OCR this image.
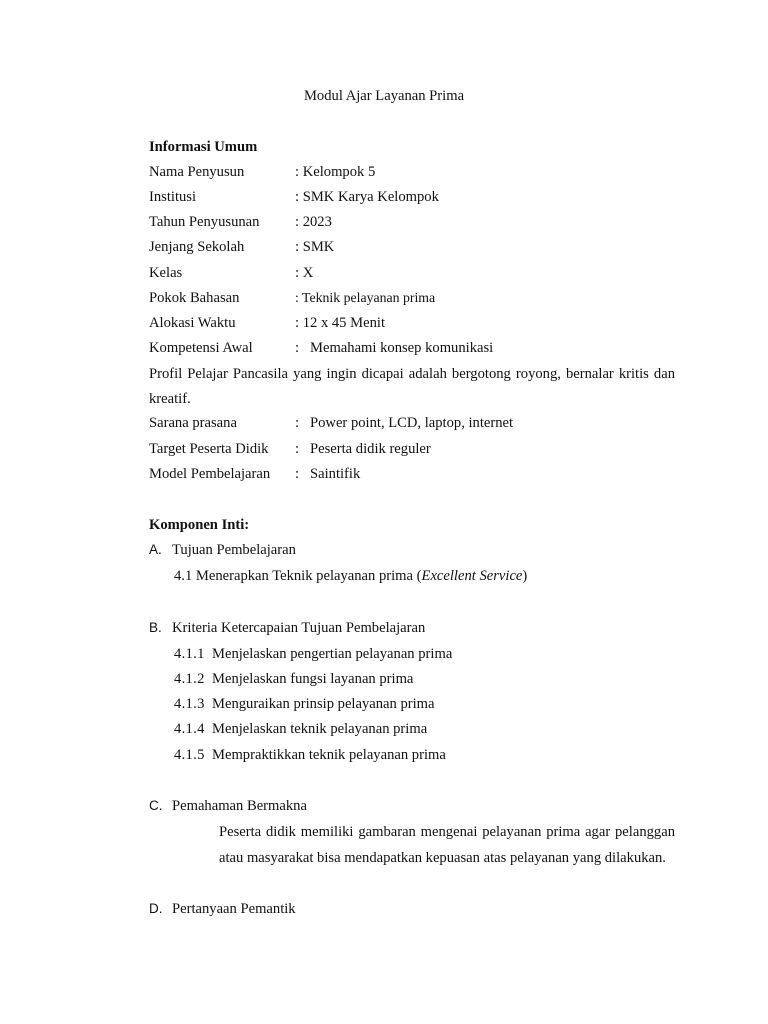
Modul Ajar Layanan Prima
Informasi Umum
Nama Penyusun	: Kelompok 5
Institusi	: SMK Karya Kelompok
Tahun Penyusunan : 2023
Jenjang Sekolah	: SMK
Kelas	: X
Pokok Bahasan	: Teknik pelayanan prima
Alokasi Waktu	: 12 x 45 Menit
Kompetensi Awal	:   Memahami konsep komunikasi
Profil Pelajar Pancasila yang ingin dicapai adalah bergotong royong, bernalar kritis dan kreatif.
Sarana prasana	:   Power point, LCD, laptop, internet
Target Peserta Didik :   Peserta didik reguler
Model Pembelajaran :   Saintifik
Komponen Inti:
A. Tujuan Pembelajaran
4.1 Menerapkan Teknik pelayanan prima (Excellent Service)
B. Kriteria Ketercapaian Tujuan Pembelajaran
4.1.1 Menjelaskan pengertian pelayanan prima
4.1.2 Menjelaskan fungsi layanan prima
4.1.3 Menguraikan prinsip pelayanan prima
4.1.4 Menjelaskan teknik pelayanan prima
4.1.5 Mempraktikkan teknik pelayanan prima
C. Pemahaman Bermakna
Peserta didik memiliki gambaran mengenai pelayanan prima agar pelanggan atau masyarakat bisa mendapatkan kepuasan atas pelayanan yang dilakukan.
D. Pertanyaan Pemantik
